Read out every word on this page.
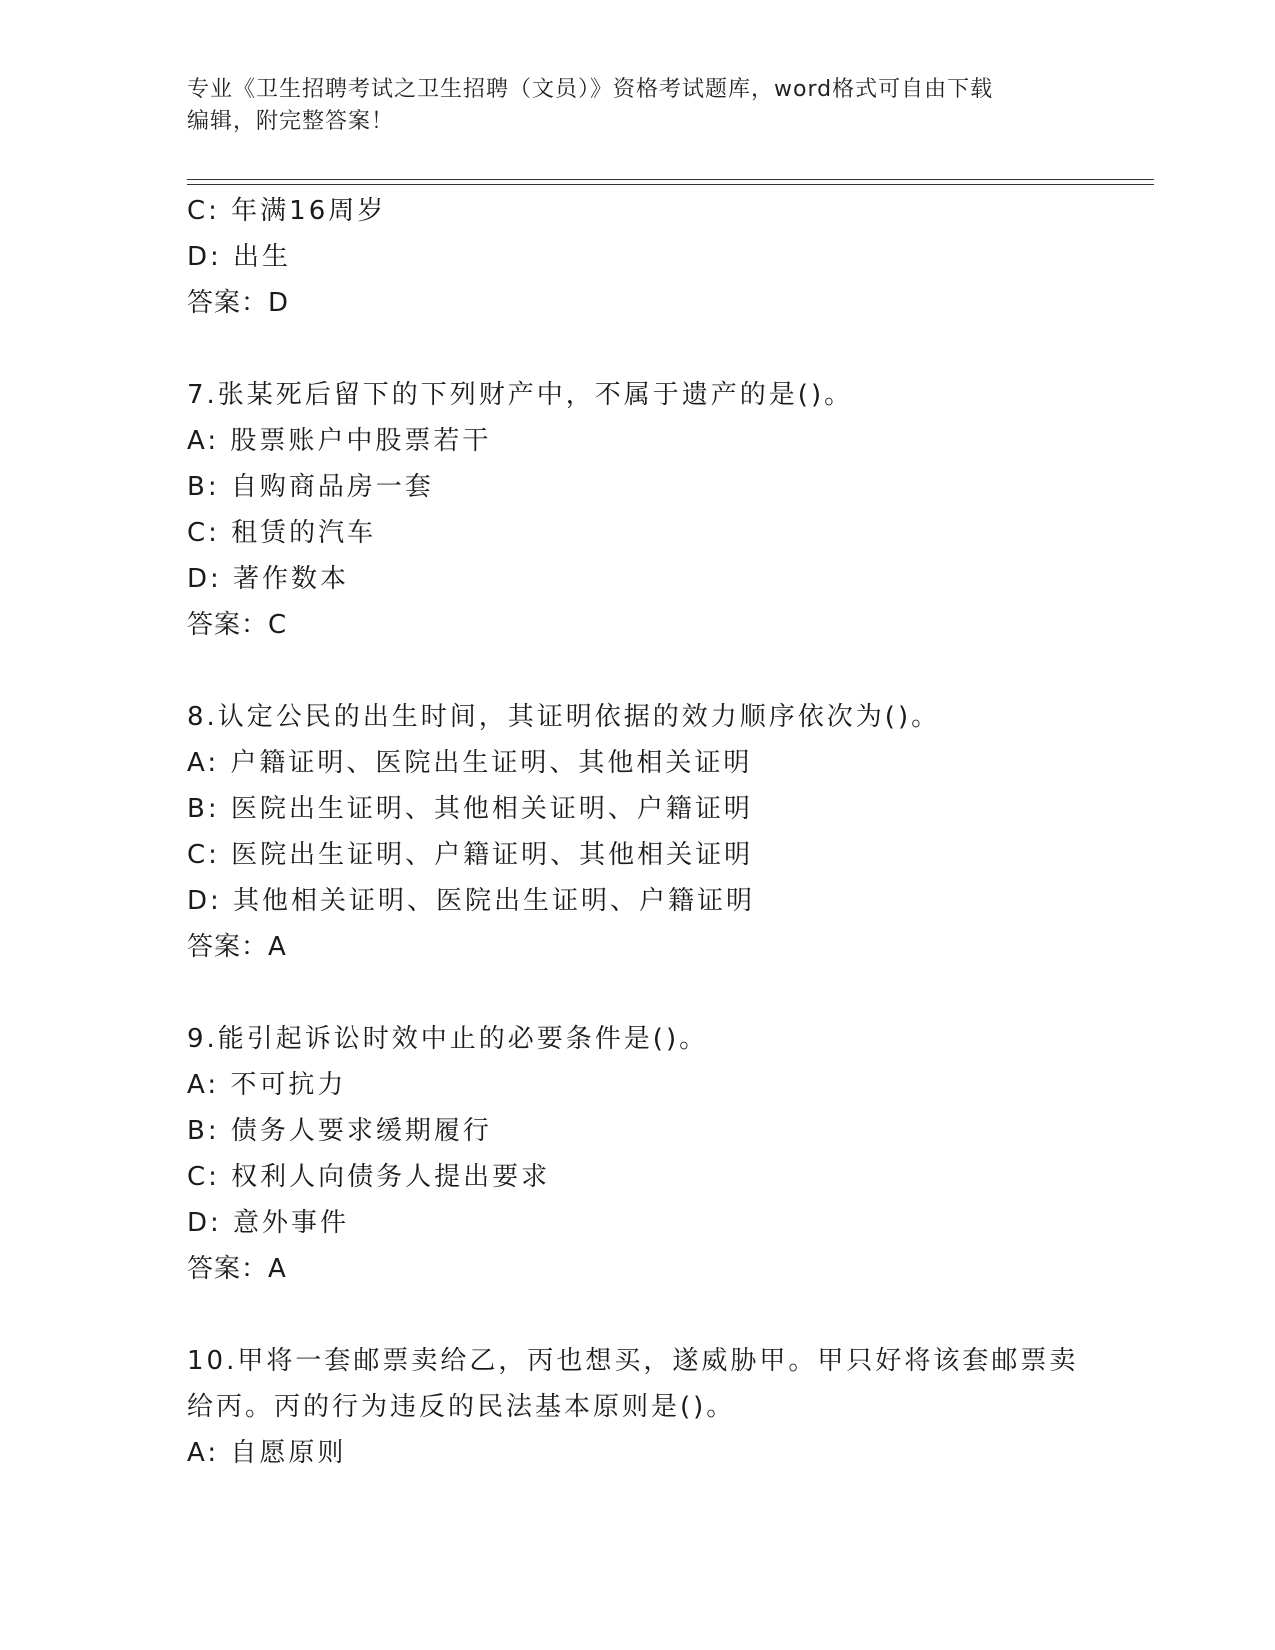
专业《卫生招聘考试之卫生招聘（文员）》资格考试题库，word格式可自由下载
编辑，附完整答案！
C: 年满16周岁
D: 出生
答案：D
7.张某死后留下的下列财产中，不属于遗产的是()。
A: 股票账户中股票若干
B: 自购商品房一套
C: 租赁的汽车
D: 著作数本
答案：C
8.认定公民的出生时间，其证明依据的效力顺序依次为()。
A: 户籍证明、医院出生证明、其他相关证明
B: 医院出生证明、其他相关证明、户籍证明
C: 医院出生证明、户籍证明、其他相关证明
D: 其他相关证明、医院出生证明、户籍证明
答案：A
9.能引起诉讼时效中止的必要条件是()。
A: 不可抗力
B: 债务人要求缓期履行
C: 权利人向债务人提出要求
D: 意外事件
答案：A
10.甲将一套邮票卖给乙，丙也想买，遂威胁甲。甲只好将该套邮票卖
给丙。丙的行为违反的民法基本原则是()。
A: 自愿原则
